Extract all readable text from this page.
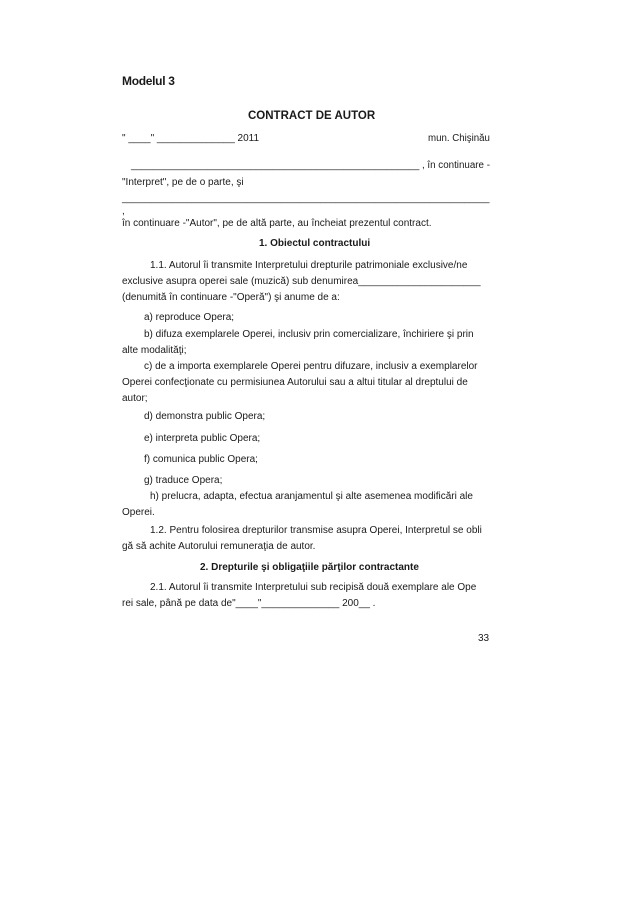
Modelul 3
CONTRACT DE AUTOR
" ____" ______________ 2011	mun. Chişinău
_____________________________________________________ , în continuare -
"Interpret", pe de o parte, şi
__________________________________________________________________________
,
în continuare -"Autor", pe de altă parte, au încheiat prezentul contract.
1. Obiectul contractului
1.1. Autorul îi transmite Interpretului drepturile patrimoniale exclusive/ne
exclusive asupra operei sale (muzică) sub denumirea______________________
(denumită în continuare -"Operă") şi anume de a:
a) reproduce Opera;
b) difuza exemplarele Operei, inclusiv prin comercializare, închiriere şi prin
alte modalităţi;
c) de a importa exemplarele Operei pentru difuzare, inclusiv a exemplarelor
Operei confecţionate cu permisiunea Autorului sau a altui titular al dreptului de
autor;
d) demonstra public Opera;
e) interpreta public Opera;
f) comunica public Opera;
g) traduce Opera;
h) prelucra, adapta, efectua aranjamentul şi alte asemenea modificări ale
Operei.
1.2. Pentru folosirea drepturilor transmise asupra Operei, Interpretul se obli
gă să achite Autorului remuneraţia de autor.
2. Drepturile şi obligaţiile părţilor contractante
2.1. Autorul îi transmite Interpretului sub recipisă două exemplare ale Ope
rei sale, până pe data de"____"______________ 200__ .
33
